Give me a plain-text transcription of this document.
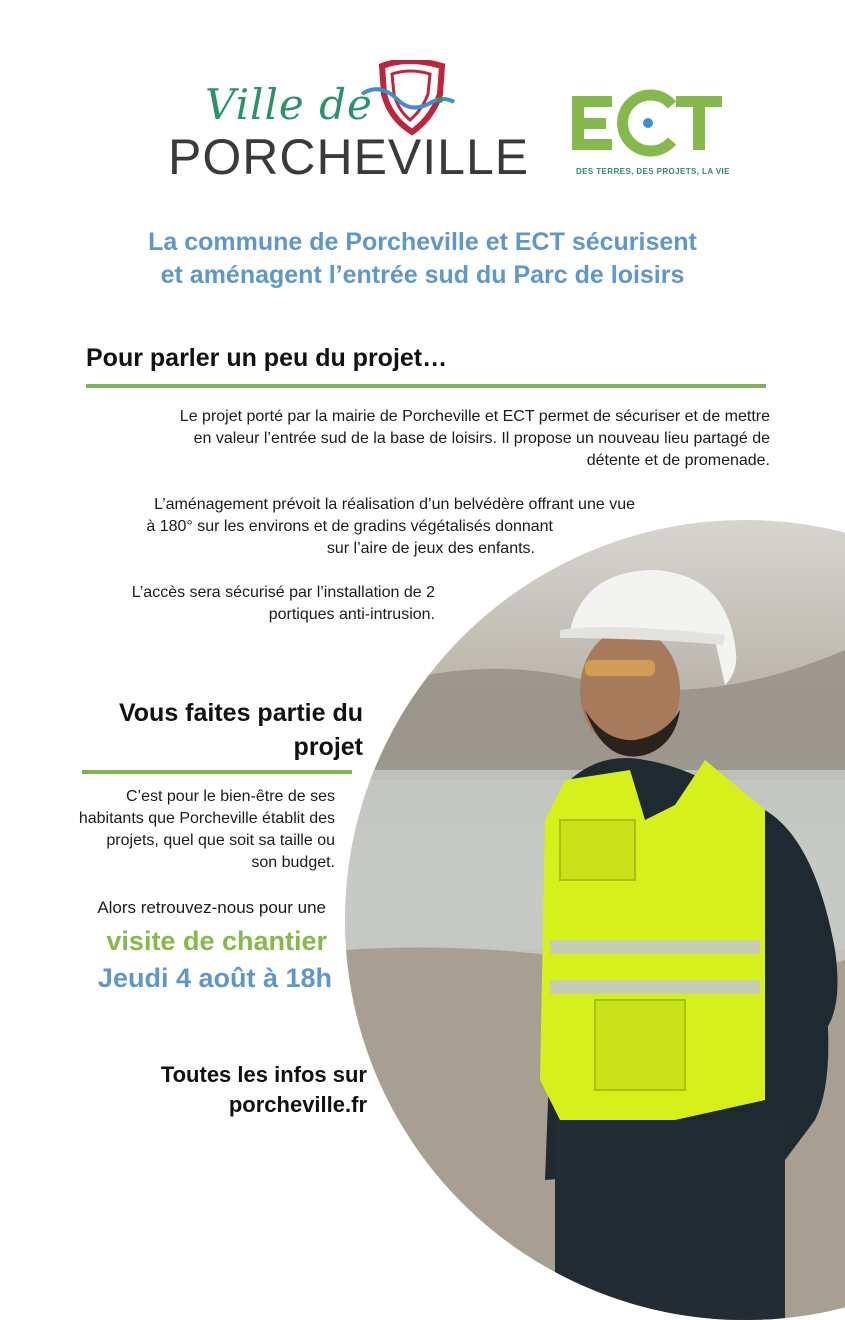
Ville de
PORCHEVILLE	DES TERRES, DES PROJETS, LA VIE
La commune de Porcheville et ECT sécurisent
et aménagent l’entrée sud du Parc de loisirs
Pour parler un peu du projet…
Le projet porté par la mairie de Porcheville et ECT permet de sécuriser et de mettre
en valeur l’entrée sud de la base de loisirs. Il propose un nouveau lieu partagé de
détente et de promenade.
L’aménagement prévoit la réalisation d’un belvédère offrant une vue
à 180° sur les environs et de gradins végétalisés donnant
sur l’aire de jeux des enfants.
L’accès sera sécurisé par l’installation de 2
portiques anti-intrusion.
Vous faites partie du
projet
C’est pour le bien-être de ses
habitants que Porcheville établit des
projets, quel que soit sa taille ou
son budget.
Alors retrouvez-nous pour une
visite de chantier
Jeudi 4 août à 18h
Toutes les infos sur
porcheville.fr
